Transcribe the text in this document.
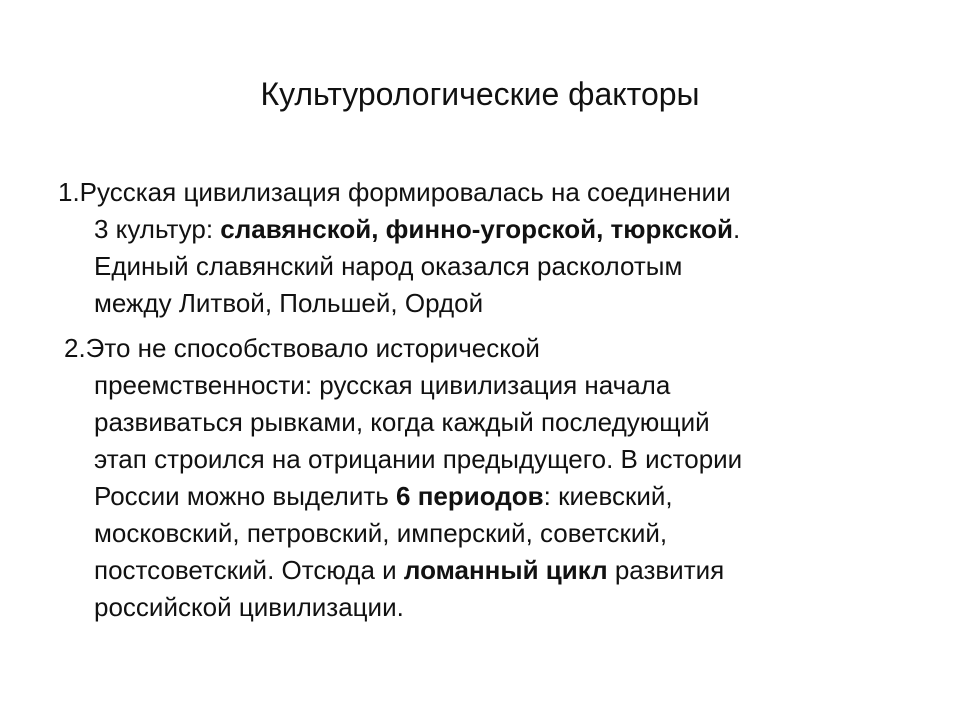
Культурологические факторы
1.Русская цивилизация формировалась на соединении
3 культур: славянской, финно-угорской, тюркской.
Единый славянский народ оказался расколотым
между Литвой, Польшей, Ордой
2.Это не способствовало исторической
преемственности: русская цивилизация начала
развиваться рывками, когда каждый последующий
этап строился на отрицании предыдущего. В истории
России можно выделить 6 периодов: киевский,
московский, петровский, имперский, советский,
постсоветский. Отсюда и ломанный цикл развития
российской цивилизации.
